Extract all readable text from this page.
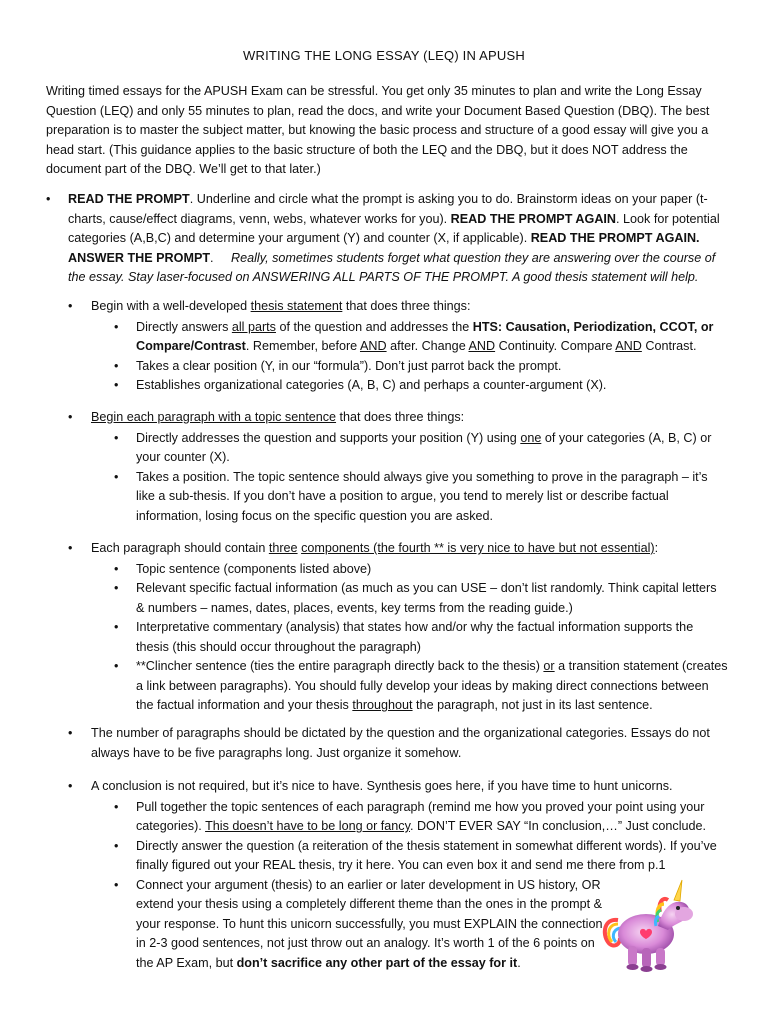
WRITING THE LONG ESSAY (LEQ) IN APUSH
Writing timed essays for the APUSH Exam can be stressful. You get only 35 minutes to plan and write the Long Essay Question (LEQ) and only 55 minutes to plan, read the docs, and write your Document Based Question (DBQ). The best preparation is to master the subject matter, but knowing the basic process and structure of a good essay will give you a head start. (This guidance applies to the basic structure of both the LEQ and the DBQ, but it does NOT address the document part of the DBQ. We’ll get to that later.)
• READ THE PROMPT. Underline and circle what the prompt is asking you to do. Brainstorm ideas on your paper (t-charts, cause/effect diagrams, venn, webs, whatever works for you). READ THE PROMPT AGAIN. Look for potential categories (A,B,C) and determine your argument (Y) and counter (X, if applicable). READ THE PROMPT AGAIN. ANSWER THE PROMPT. Really, sometimes students forget what question they are answering over the course of the essay. Stay laser-focused on ANSWERING ALL PARTS OF THE PROMPT. A good thesis statement will help.
• Begin with a well-developed thesis statement that does three things:
• Directly answers all parts of the question and addresses the HTS: Causation, Periodization, CCOT, or Compare/Contrast. Remember, before AND after. Change AND Continuity. Compare AND Contrast.
• Takes a clear position (Y, in our “formula”). Don’t just parrot back the prompt.
• Establishes organizational categories (A, B, C) and perhaps a counter-argument (X).
• Begin each paragraph with a topic sentence that does three things:
• Directly addresses the question and supports your position (Y) using one of your categories (A, B, C) or your counter (X).
• Takes a position. The topic sentence should always give you something to prove in the paragraph – it’s like a sub-thesis. If you don’t have a position to argue, you tend to merely list or describe factual information, losing focus on the specific question you are asked.
• Each paragraph should contain three components (the fourth ** is very nice to have but not essential):
• Topic sentence (components listed above)
• Relevant specific factual information (as much as you can USE – don’t list randomly. Think capital letters & numbers – names, dates, places, events, key terms from the reading guide.)
• Interpretative commentary (analysis) that states how and/or why the factual information supports the thesis (this should occur throughout the paragraph)
• **Clincher sentence (ties the entire paragraph directly back to the thesis) or a transition statement (creates a link between paragraphs). You should fully develop your ideas by making direct connections between the factual information and your thesis throughout the paragraph, not just in its last sentence.
• The number of paragraphs should be dictated by the question and the organizational categories. Essays do not always have to be five paragraphs long. Just organize it somehow.
• A conclusion is not required, but it’s nice to have. Synthesis goes here, if you have time to hunt unicorns.
• Pull together the topic sentences of each paragraph (remind me how you proved your point using your categories). This doesn’t have to be long or fancy. DON’T EVER SAY “In conclusion,…” Just conclude.
• Directly answer the question (a reiteration of the thesis statement in somewhat different words). If you’ve finally figured out your REAL thesis, try it here. You can even box it and send me there from p.1
• Connect your argument (thesis) to an earlier or later development in US history, OR extend your thesis using a completely different theme than the ones in the prompt & your response. To hunt this unicorn successfully, you must EXPLAIN the connection in 2-3 good sentences, not just throw out an analogy. It’s worth 1 of the 6 points on the AP Exam, but don’t sacrifice any other part of the essay for it.
